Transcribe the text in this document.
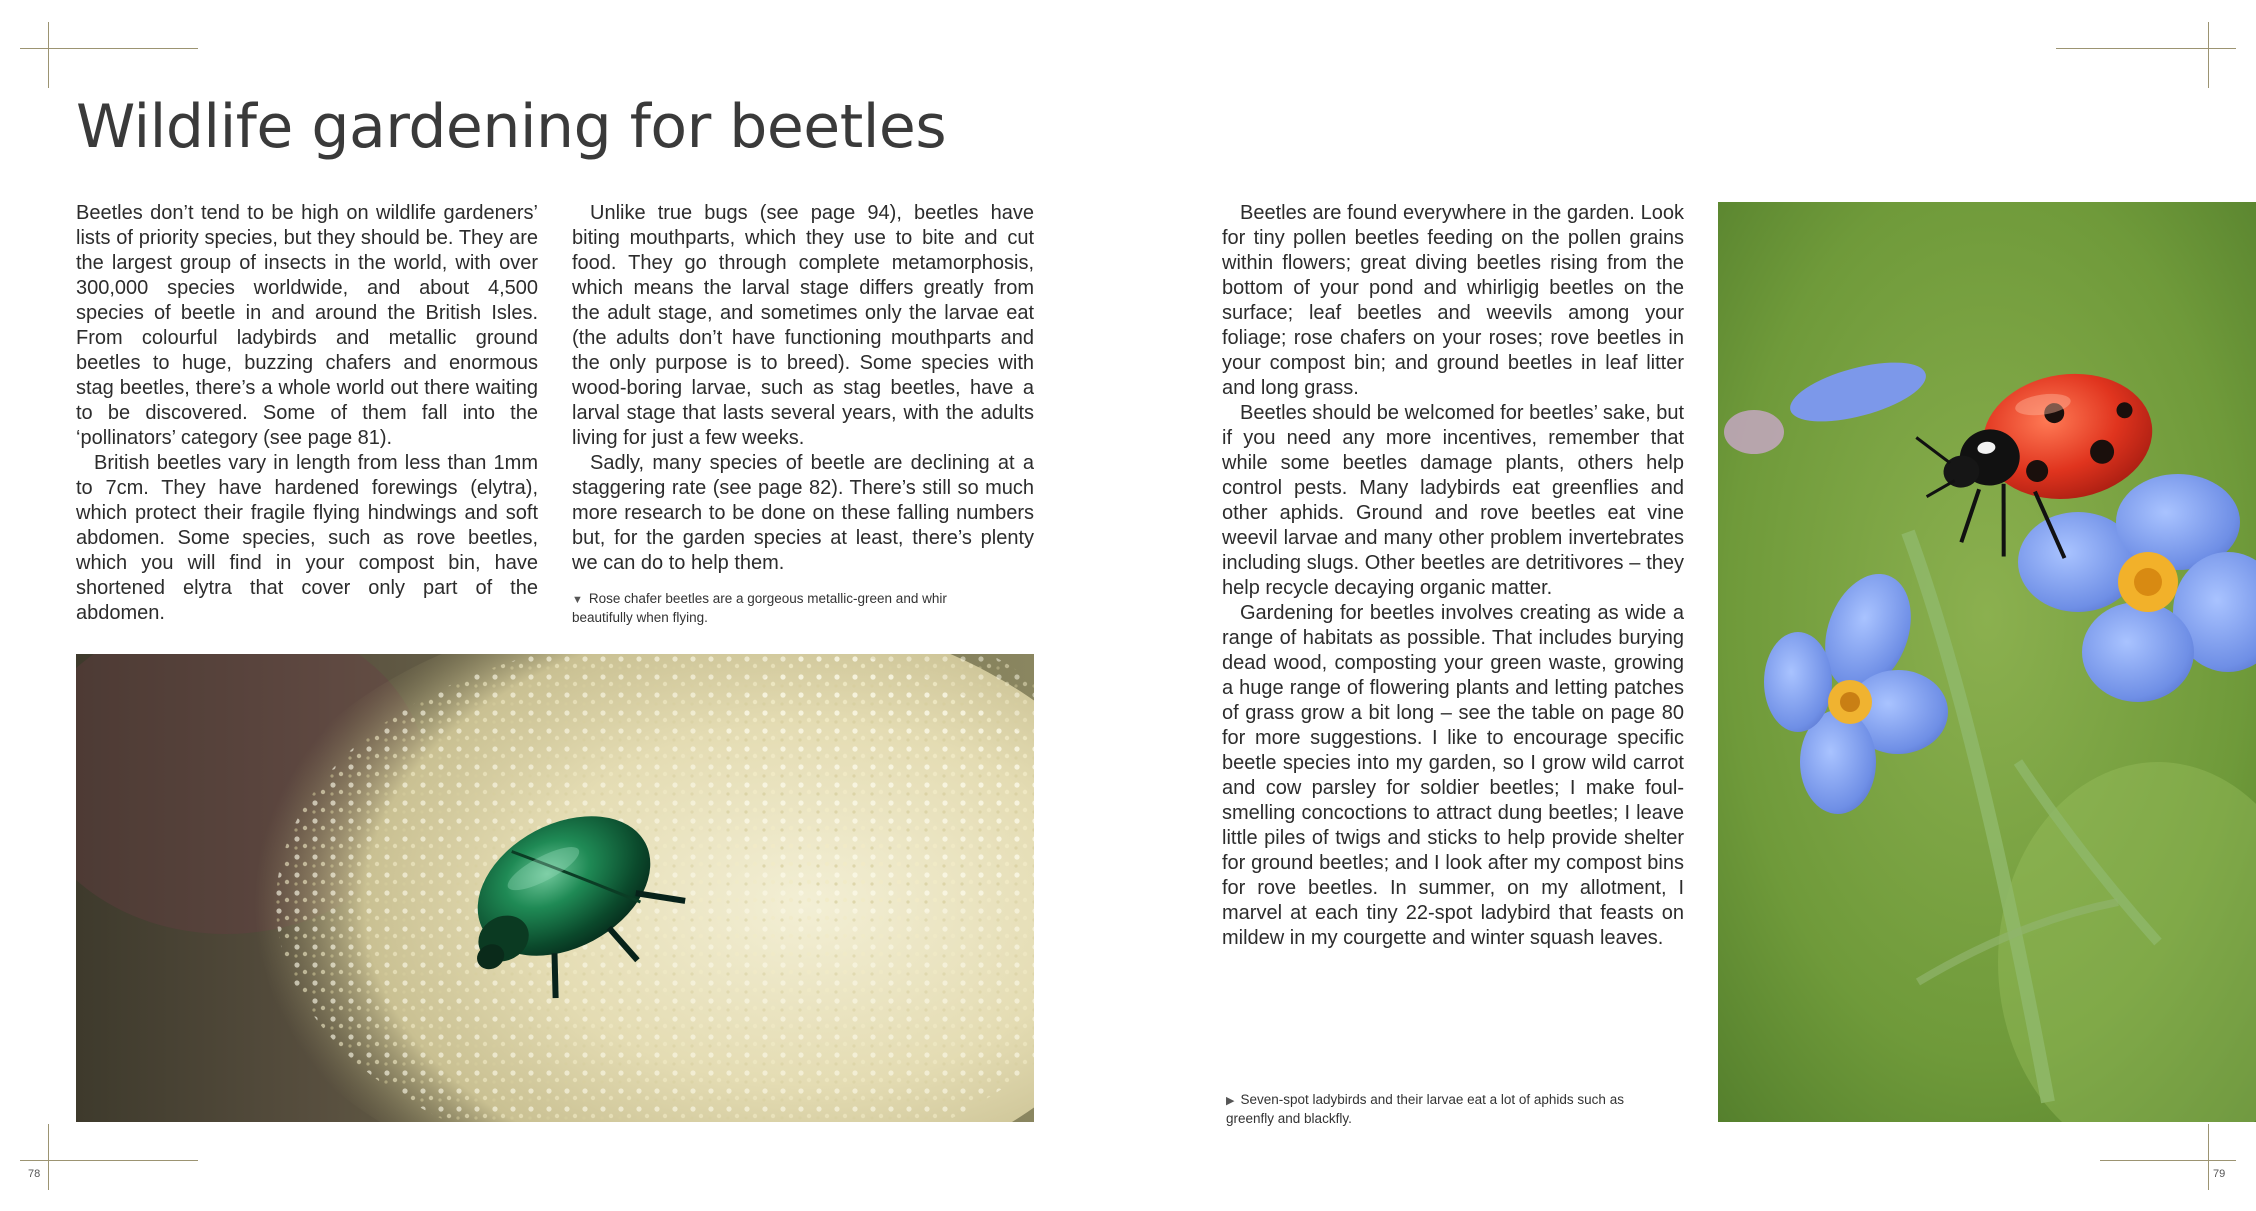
Wildlife gardening for beetles

Beetles don’t tend to be high on wildlife gardeners’ lists of priority species, but they should be. They are the largest group of insects in the world, with over 300,000 species worldwide, and about 4,500 species of beetle in and around the British Isles. From colourful ladybirds and metallic ground beetles to huge, buzzing chafers and enormous stag beetles, there’s a whole world out there waiting to be discovered. Some of them fall into the ‘pollinators’ category (see page 81).

British beetles vary in length from less than 1mm to 7cm. They have hardened forewings (elytra), which protect their fragile flying hindwings and soft abdomen. Some species, such as rove beetles, which you will find in your compost bin, have shortened elytra that cover only part of the abdomen.

Unlike true bugs (see page 94), beetles have biting mouthparts, which they use to bite and cut food. They go through complete metamorphosis, which means the larval stage differs greatly from the adult stage, and sometimes only the larvae eat (the adults don’t have functioning mouthparts and the only purpose is to breed). Some species with wood-boring larvae, such as stag beetles, have a larval stage that lasts several years, with the adults living for just a few weeks.

Sadly, many species of beetle are declining at a staggering rate (see page 82). There’s still so much more research to be done on these falling numbers but, for the garden species at least, there’s plenty we can do to help them.

▼ Rose chafer beetles are a gorgeous metallic-green and whir beautifully when flying.

Beetles are found everywhere in the garden. Look for tiny pollen beetles feeding on the pollen grains within flowers; great diving beetles rising from the bottom of your pond and whirligig beetles on the surface; leaf beetles and weevils among your foliage; rose chafers on your roses; rove beetles in your compost bin; and ground beetles in leaf litter and long grass.

Beetles should be welcomed for beetles’ sake, but if you need any more incentives, remember that while some beetles damage plants, others help control pests. Many ladybirds eat greenflies and other aphids. Ground and rove beetles eat vine weevil larvae and many other problem invertebrates including slugs. Other beetles are detritivores – they help recycle decaying organic matter.

Gardening for beetles involves creating as wide a range of habitats as possible. That includes burying dead wood, composting your green waste, growing a huge range of flowering plants and letting patches of grass grow a bit long – see the table on page 80 for more suggestions. I like to encourage specific beetle species into my garden, so I grow wild carrot and cow parsley for soldier beetles; I make foul-smelling concoctions to attract dung beetles; I leave little piles of twigs and sticks to help provide shelter for ground beetles; and I look after my compost bins for rove beetles. In summer, on my allotment, I marvel at each tiny 22-spot ladybird that feasts on mildew in my courgette and winter squash leaves.

▶ Seven-spot ladybirds and their larvae eat a lot of aphids such as greenfly and blackfly.
78	79
